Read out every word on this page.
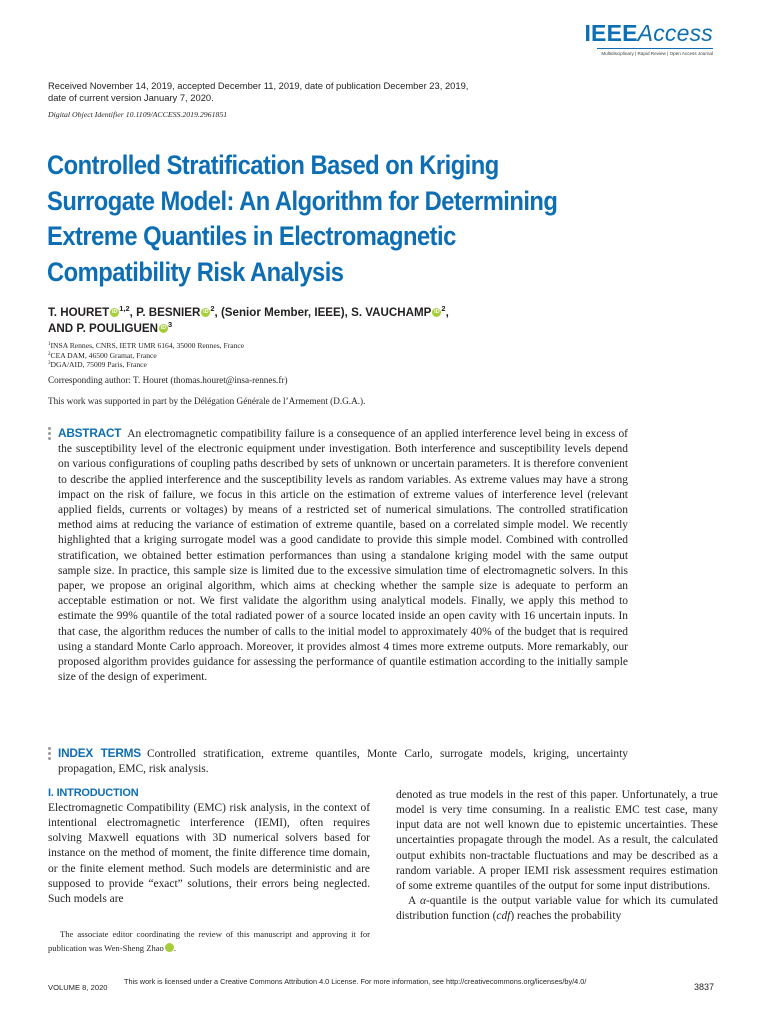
IEEEAccess
Multidisciplinary | Rapid Review | Open Access Journal
Received November 14, 2019, accepted December 11, 2019, date of publication December 23, 2019,
date of current version January 7, 2020.
Digital Object Identifier 10.1109/ACCESS.2019.2961851
Controlled Stratification Based on Kriging
Surrogate Model: An Algorithm for Determining
Extreme Quantiles in Electromagnetic
Compatibility Risk Analysis
T. HOURET iD $^{1,2}$, P. BESNIER iD $^2$, (Senior Member, IEEE), S. VAUCHAMP iD $^2$,
AND P. POULIGUEN iD $^3$
$^1$INSA Rennes, CNRS, IETR UMR 6164, 35000 Rennes, France
$^2$CEA DAM, 46500 Gramat, France
$^3$DGA/AID, 75009 Paris, France
Corresponding author: T. Houret (thomas.houret@insa-rennes.fr)
This work was supported in part by the Délégation Générale de l’Armement (D.G.A.).

ABSTRACT An electromagnetic compatibility failure is a consequence of an applied interference level being in excess of the susceptibility level of the electronic equipment under investigation. Both interference and susceptibility levels depend on various configurations of coupling paths described by sets of unknown or uncertain parameters. It is therefore convenient to describe the applied interference and the susceptibility levels as random variables. As extreme values may have a strong impact on the risk of failure, we focus in this article on the estimation of extreme values of interference level (relevant applied fields, currents or voltages) by means of a restricted set of numerical simulations. The controlled stratification method aims at reducing the variance of estimation of extreme quantile, based on a correlated simple model. We recently highlighted that a kriging surrogate model was a good candidate to provide this simple model. Combined with controlled stratification, we obtained better estimation performances than using a standalone kriging model with the same output sample size. In practice, this sample size is limited due to the excessive simulation time of electromagnetic solvers. In this paper, we propose an original algorithm, which aims at checking whether the sample size is adequate to perform an acceptable estimation or not. We first validate the algorithm using analytical models. Finally, we apply this method to estimate the 99% quantile of the total radiated power of a source located inside an open cavity with 16 uncertain inputs. In that case, the algorithm reduces the number of calls to the initial model to approximately 40% of the budget that is required using a standard Monte Carlo approach. Moreover, it provides almost 4 times more extreme outputs. More remarkably, our proposed algorithm provides guidance for assessing the performance of quantile estimation according to the initially sample size of the design of experiment.

INDEX TERMS Controlled stratification, extreme quantiles, Monte Carlo, surrogate models, kriging, uncertainty propagation, EMC, risk analysis.

I. INTRODUCTION

Electromagnetic Compatibility (EMC) risk analysis, in the context of intentional electromagnetic interference (IEMI), often requires solving Maxwell equations with 3D numerical solvers based for instance on the method of moment, the finite difference time domain, or the finite element method. Such models are deterministic and are supposed to provide “exact” solutions, their errors being neglected. Such models are

denoted as true models in the rest of this paper. Unfortunately, a true model is very time consuming. In a realistic EMC test case, many input data are not well known due to epistemic uncertainties. These uncertainties propagate through the model. As a result, the calculated output exhibits non-tractable fluctuations and may be described as a random variable. A proper IEMI risk assessment requires estimation of some extreme quantiles of the output for some input distributions.

A α-quantile is the output variable value for which its cumulated distribution function (cdf) reaches the probability

The associate editor coordinating the review of this manuscript and approving it for publication was Wen-Sheng Zhao iD.

VOLUME 8, 2020
This work is licensed under a Creative Commons Attribution 4.0 License. For more information, see http://creativecommons.org/licenses/by/4.0/
3837
